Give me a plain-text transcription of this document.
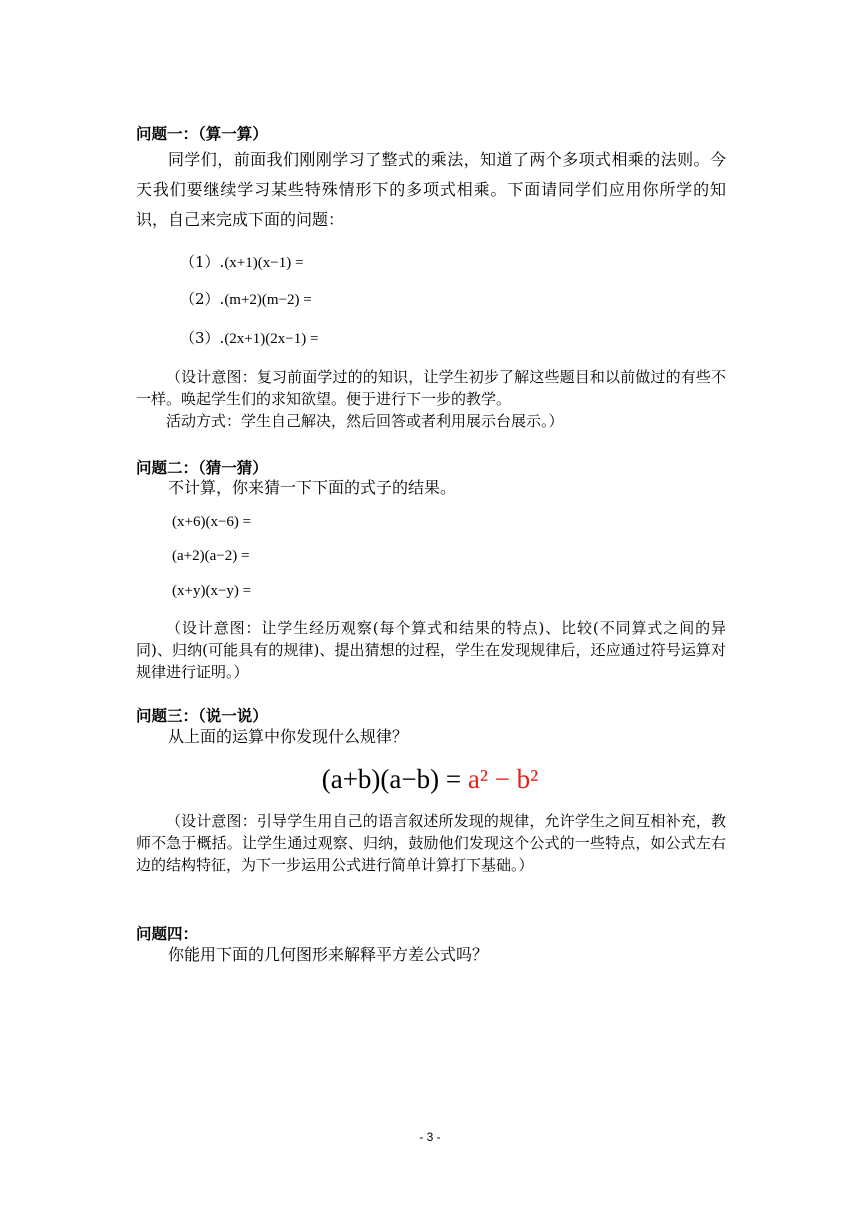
问题一：（算一算）
同学们，前面我们刚刚学习了整式的乘法，知道了两个多项式相乘的法则。今天我们要继续学习某些特殊情形下的多项式相乘。下面请同学们应用你所学的知识，自己来完成下面的问题：
（1）.(x+1)(x−1) =
（2）.(m+2)(m−2) =
（3）.(2x+1)(2x−1) =
（设计意图：复习前面学过的的知识，让学生初步了解这些题目和以前做过的有些不一样。唤起学生们的求知欲望。便于进行下一步的教学。
活动方式：学生自己解决，然后回答或者利用展示台展示。）
问题二：（猜一猜）
不计算，你来猜一下下面的式子的结果。
(x+6)(x−6) =
(a+2)(a−2) =
(x+y)(x−y) =
（设计意图：让学生经历观察(每个算式和结果的特点)、比较(不同算式之间的异同)、归纳(可能具有的规律)、提出猜想的过程，学生在发现规律后，还应通过符号运算对规律进行证明。）
问题三：（说一说）
从上面的运算中你发现什么规律？
(a+b)(a−b) = a² − b²
（设计意图：引导学生用自己的语言叙述所发现的规律，允许学生之间互相补充，教师不急于概括。让学生通过观察、归纳，鼓励他们发现这个公式的一些特点，如公式左右边的结构特征，为下一步运用公式进行简单计算打下基础。）
问题四：
你能用下面的几何图形来解释平方差公式吗？
- 3 -
